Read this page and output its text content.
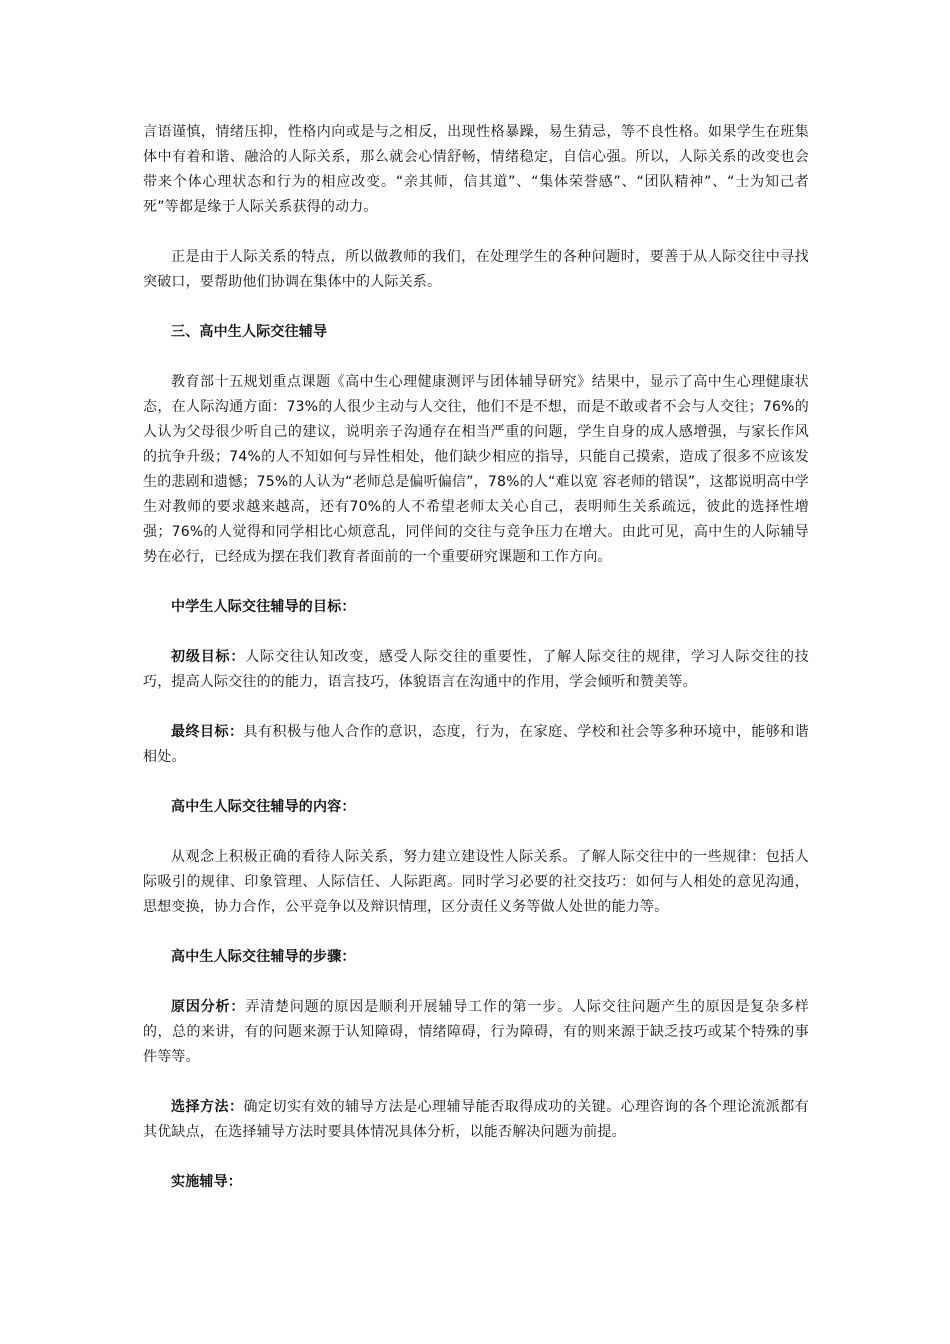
言语谨慎，情绪压抑，性格内向或是与之相反，出现性格暴躁，易生猜忌，等不良性格。如果学生在班集体中有着和谐、融洽的人际关系，那么就会心情舒畅，情绪稳定，自信心强。所以，人际关系的改变也会带来个体心理状态和行为的相应改变。“亲其师，信其道”、“集体荣誉感”、“团队精神”、“士为知己者死”等都是缘于人际关系获得的动力。

正是由于人际关系的特点，所以做教师的我们，在处理学生的各种问题时，要善于从人际交往中寻找突破口，要帮助他们协调在集体中的人际关系。

三、高中生人际交往辅导

教育部十五规划重点课题《高中生心理健康测评与团体辅导研究》结果中，显示了高中生心理健康状态，在人际沟通方面：73%的人很少主动与人交往，他们不是不想，而是不敢或者不会与人交往；76%的人认为父母很少听自己的建议，说明亲子沟通存在相当严重的问题，学生自身的成人感增强，与家长作风的抗争升级；74%的人不知如何与异性相处，他们缺少相应的指导，只能自己摸索，造成了很多不应该发生的悲剧和遗憾；75%的人认为“老师总是偏听偏信”，78%的人“难以宽 容老师的错误”，这都说明高中学生对教师的要求越来越高，还有70%的人不希望老师太关心自己，表明师生关系疏远，彼此的选择性增强；76%的人觉得和同学相比心烦意乱，同伴间的交往与竞争压力在增大。由此可见，高中生的人际辅导势在必行，已经成为摆在我们教育者面前的一个重要研究课题和工作方向。

中学生人际交往辅导的目标：

初级目标：人际交往认知改变，感受人际交往的重要性，了解人际交往的规律，学习人际交往的技巧，提高人际交往的的能力，语言技巧，体貌语言在沟通中的作用，学会倾听和赞美等。

最终目标：具有积极与他人合作的意识，态度，行为，在家庭、学校和社会等多种环境中，能够和谐相处。

高中生人际交往辅导的内容：

从观念上积极正确的看待人际关系，努力建立建设性人际关系。了解人际交往中的一些规律：包括人际吸引的规律、印象管理、人际信任、人际距离。同时学习必要的社交技巧：如何与人相处的意见沟通，思想变换，协力合作，公平竞争以及辩识情理，区分责任义务等做人处世的能力等。

高中生人际交往辅导的步骤：

原因分析：弄清楚问题的原因是顺利开展辅导工作的第一步。人际交往问题产生的原因是复杂多样的，总的来讲，有的问题来源于认知障碍，情绪障碍，行为障碍，有的则来源于缺乏技巧或某个特殊的事件等等。

选择方法：确定切实有效的辅导方法是心理辅导能否取得成功的关键。心理咨询的各个理论流派都有其优缺点，在选择辅导方法时要具体情况具体分析，以能否解决问题为前提。

实施辅导：
